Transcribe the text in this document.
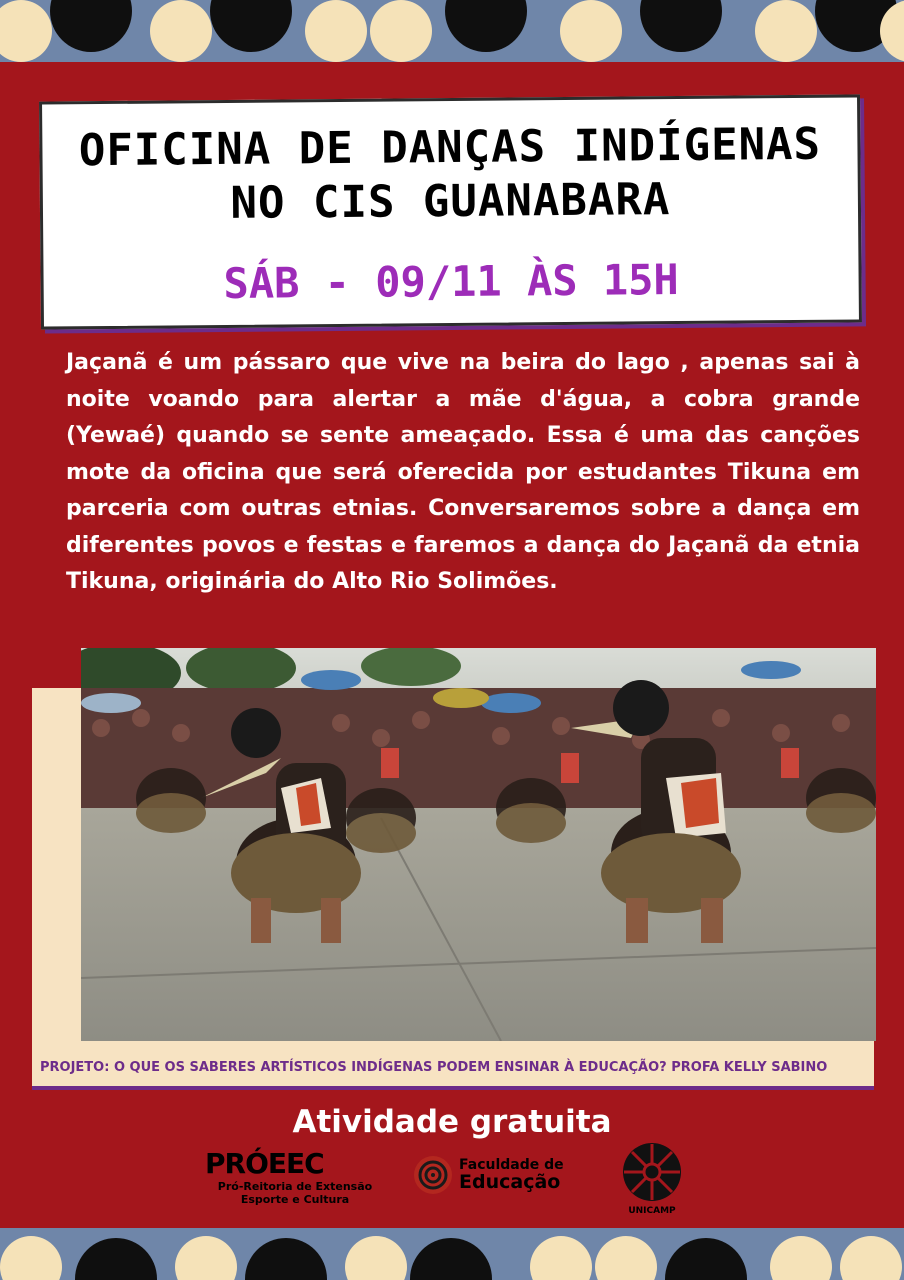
OFICINA DE DANÇAS INDÍGENAS
NO CIS GUANABARA
SÁB - 09/11 ÀS 15H
Jaçanã é um pássaro que vive na beira do lago , apenas sai à noite voando para alertar a mãe d'água, a cobra grande (Yewaé) quando se sente ameaçado. Essa é uma das canções mote da oficina que será oferecida por estudantes Tikuna em parceria com outras etnias. Conversaremos sobre a dança em diferentes povos e festas e faremos a dança do Jaçanã da etnia Tikuna, originária do Alto Rio Solimões.
PROJETO: O QUE OS SABERES ARTÍSTICOS INDÍGENAS PODEM ENSINAR À EDUCAÇÃO? PROFA KELLY SABINO
Atividade gratuita
PRÓEEC
Pró-Reitoria de Extensão
Esporte e Cultura
Faculdade de
Educação
UNICAMP
